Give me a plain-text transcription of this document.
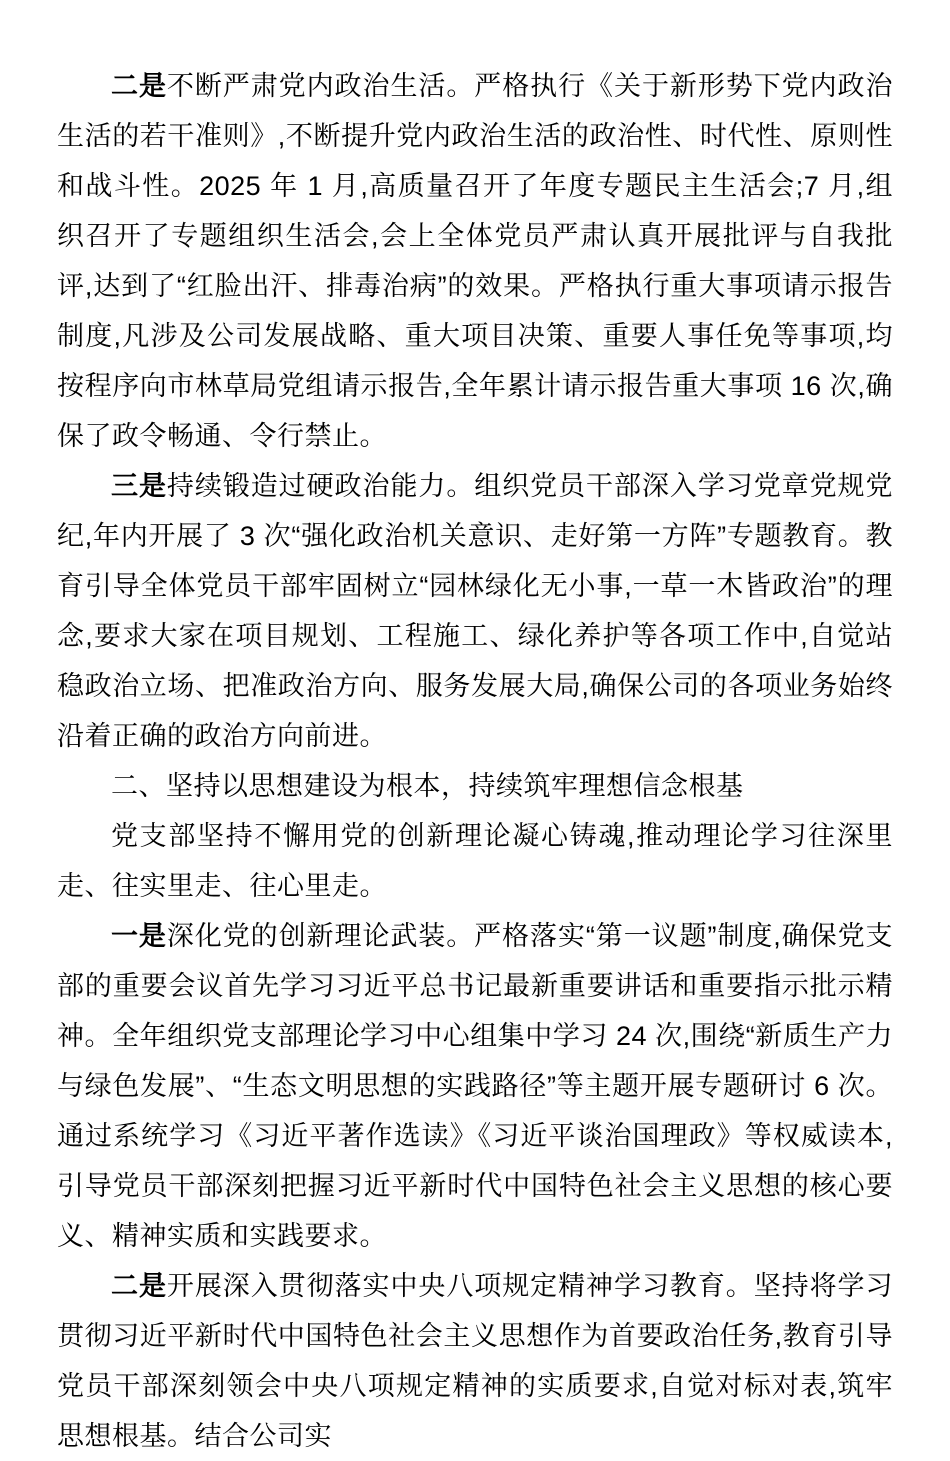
二是不断严肃党内政治生活。严格执行《关于新形势下党内政治生活的若干准则》,不断提升党内政治生活的政治性、时代性、原则性和战斗性。2025 年 1 月,高质量召开了年度专题民主生活会;7 月,组织召开了专题组织生活会,会上全体党员严肃认真开展批评与自我批评,达到了“红脸出汗、排毒治病”的效果。严格执行重大事项请示报告制度,凡涉及公司发展战略、重大项目决策、重要人事任免等事项,均按程序向市林草局党组请示报告,全年累计请示报告重大事项 16 次,确保了政令畅通、令行禁止。

三是持续锻造过硬政治能力。组织党员干部深入学习党章党规党纪,年内开展了 3 次“强化政治机关意识、走好第一方阵”专题教育。教育引导全体党员干部牢固树立“园林绿化无小事,一草一木皆政治”的理念,要求大家在项目规划、工程施工、绿化养护等各项工作中,自觉站稳政治立场、把准政治方向、服务发展大局,确保公司的各项业务始终沿着正确的政治方向前进。

二、坚持以思想建设为根本，持续筑牢理想信念根基

党支部坚持不懈用党的创新理论凝心铸魂,推动理论学习往深里走、往实里走、往心里走。

一是深化党的创新理论武装。严格落实“第一议题”制度,确保党支部的重要会议首先学习习近平总书记最新重要讲话和重要指示批示精神。全年组织党支部理论学习中心组集中学习 24 次,围绕“新质生产力与绿色发展”、“生态文明思想的实践路径”等主题开展专题研讨 6 次。通过系统学习《习近平著作选读》《习近平谈治国理政》等权威读本,引导党员干部深刻把握习近平新时代中国特色社会主义思想的核心要义、精神实质和实践要求。

二是开展深入贯彻落实中央八项规定精神学习教育。坚持将学习贯彻习近平新时代中国特色社会主义思想作为首要政治任务,教育引导党员干部深刻领会中央八项规定精神的实质要求,自觉对标对表,筑牢思想根基。结合公司实
